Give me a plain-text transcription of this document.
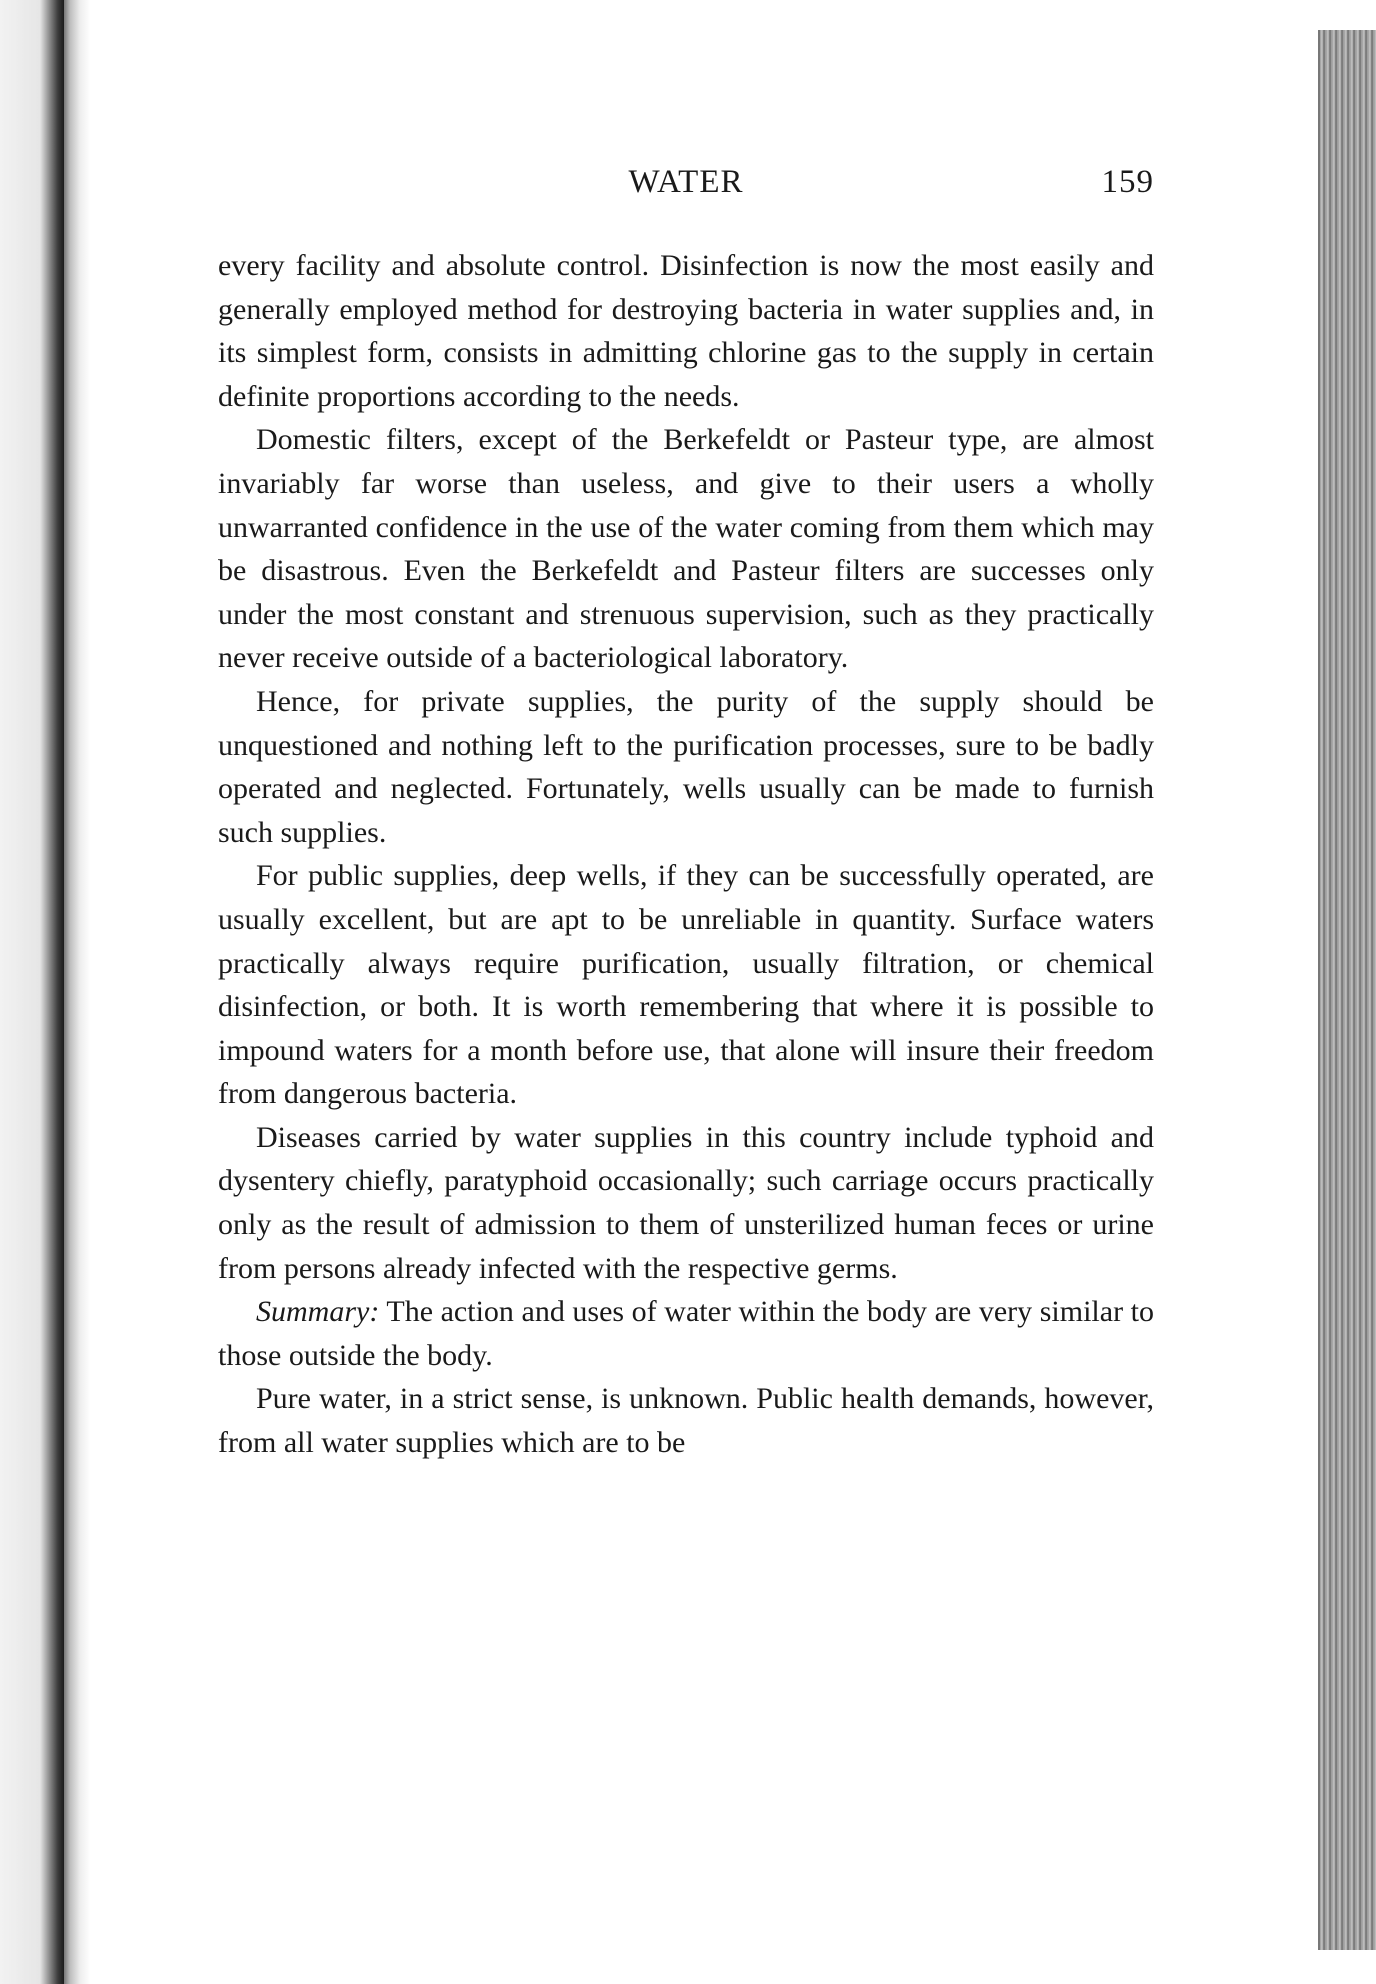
WATER	159

every facility and absolute control. Disinfection is now the most easily and generally employed method for destroying bacteria in water supplies and, in its simplest form, consists in admitting chlorine gas to the supply in certain definite proportions according to the needs.

Domestic filters, except of the Berkefeldt or Pasteur type, are almost invariably far worse than useless, and give to their users a wholly unwarranted confidence in the use of the water coming from them which may be disastrous. Even the Berkefeldt and Pasteur filters are successes only under the most constant and strenuous supervision, such as they practically never receive outside of a bacteriological laboratory.

Hence, for private supplies, the purity of the supply should be unquestioned and nothing left to the purification processes, sure to be badly operated and neglected. Fortunately, wells usually can be made to furnish such supplies.

For public supplies, deep wells, if they can be successfully operated, are usually excellent, but are apt to be unreliable in quantity. Surface waters practically always require purification, usually filtration, or chemical disinfection, or both. It is worth remembering that where it is possible to impound waters for a month before use, that alone will insure their freedom from dangerous bacteria.

Diseases carried by water supplies in this country include typhoid and dysentery chiefly, paratyphoid occasionally; such carriage occurs practically only as the result of admission to them of unsterilized human feces or urine from persons already infected with the respective germs.

Summary: The action and uses of water within the body are very similar to those outside the body.

Pure water, in a strict sense, is unknown. Public health demands, however, from all water supplies which are to be
